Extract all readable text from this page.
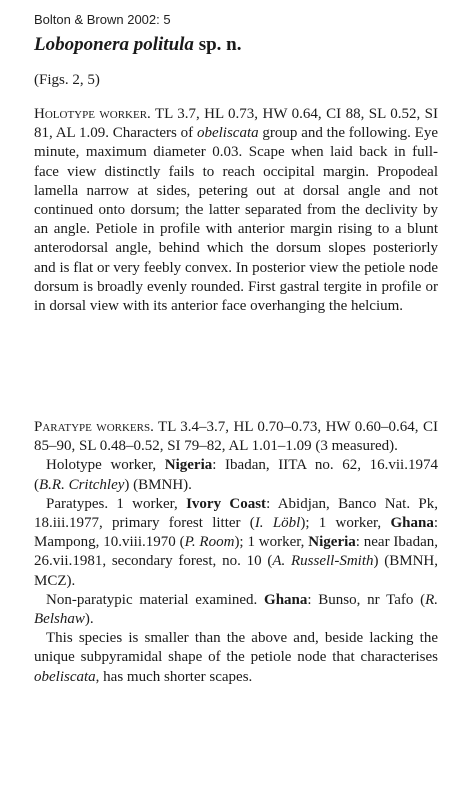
Bolton & Brown 2002: 5
Loboponera politula sp. n.
(Figs. 2, 5)
Holotype worker. TL 3.7, HL 0.73, HW 0.64, CI 88, SL 0.52, SI 81, AL 1.09. Characters of obeliscata group and the following. Eye minute, maximum diameter 0.03. Scape when laid back in full-face view distinctly fails to reach occipital margin. Propodeal lamella narrow at sides, petering out at dorsal angle and not continued onto dorsum; the latter separated from the declivity by an angle. Petiole in profile with anterior margin rising to a blunt anterodorsal angle, behind which the dorsum slopes posteriorly and is flat or very feebly convex. In posterior view the petiole node dorsum is broadly evenly rounded. First gastral tergite in profile or in dorsal view with its anterior face overhanging the helcium.
Paratype workers. TL 3.4–3.7, HL 0.70–0.73, HW 0.60–0.64, CI 85–90, SL 0.48–0.52, SI 79–82, AL 1.01–1.09 (3 measured).
Holotype worker, Nigeria: Ibadan, IITA no. 62, 16.vii.1974 (B.R. Critchley) (BMNH).
Paratypes. 1 worker, Ivory Coast: Abidjan, Banco Nat. Pk, 18.iii.1977, primary forest litter (I. Löbl); 1 worker, Ghana: Mampong, 10.viii.1970 (P. Room); 1 worker, Nigeria: near Ibadan, 26.vii.1981, secondary forest, no. 10 (A. Russell-Smith) (BMNH, MCZ).
Non-paratypic material examined. Ghana: Bunso, nr Tafo (R. Belshaw).
This species is smaller than the above and, beside lacking the unique subpyramidal shape of the petiole node that characterises obeliscata, has much shorter scapes.
